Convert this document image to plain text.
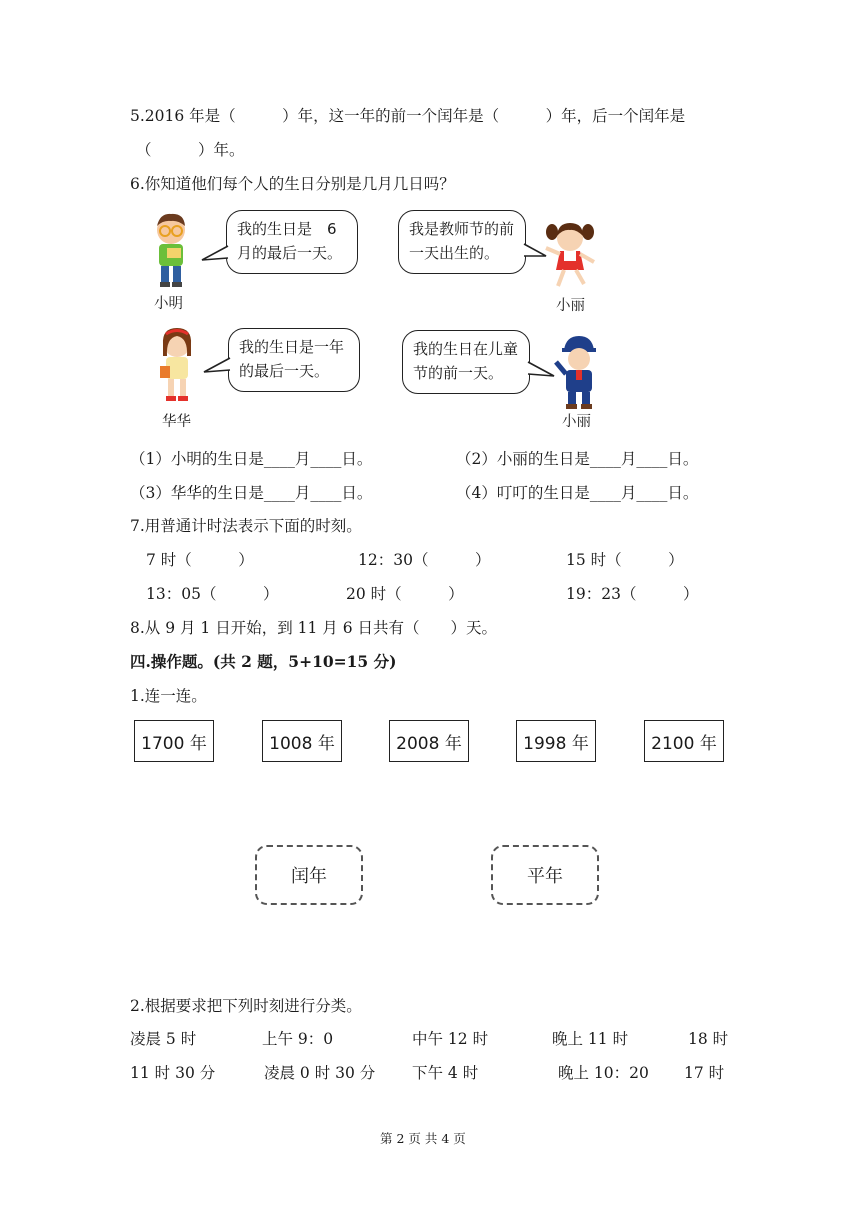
5.2016 年是（　　　）年，这一年的前一个闰年是（　　　）年，后一个闰年是
（　　　）年。
6.你知道他们每个人的生日分别是几月几日吗？
小明
我的生日是　6月的最后一天。
我是教师节的前一天出生的。
小丽
华华
我的生日是一年的最后一天。
我的生日在儿童节的前一天。
小丽
（1）小明的生日是____月____日。	（2）小丽的生日是____月____日。
（3）华华的生日是____月____日。	（4）叮叮的生日是____月____日。
7.用普通计时法表示下面的时刻。
7 时（　　　）	12：30（　　　）	15 时（　　　）
13：05（　　　）	20 时（　　　）	19：23（　　　）
8.从 9 月 1 日开始，到 11 月 6 日共有（　　）天。
四.操作题。(共 2 题，5+10=15 分)
1.连一连。
1700 年	1008 年	2008 年	1998 年	2100 年
闰年	平年
2.根据要求把下列时刻进行分类。
凌晨 5 时	上午 9：0	中午 12 时	晚上 11 时	18 时
11 时 30 分	凌晨 0 时 30 分 下午 4 时	晚上 10：20 17 时
第 2 页 共 4 页
